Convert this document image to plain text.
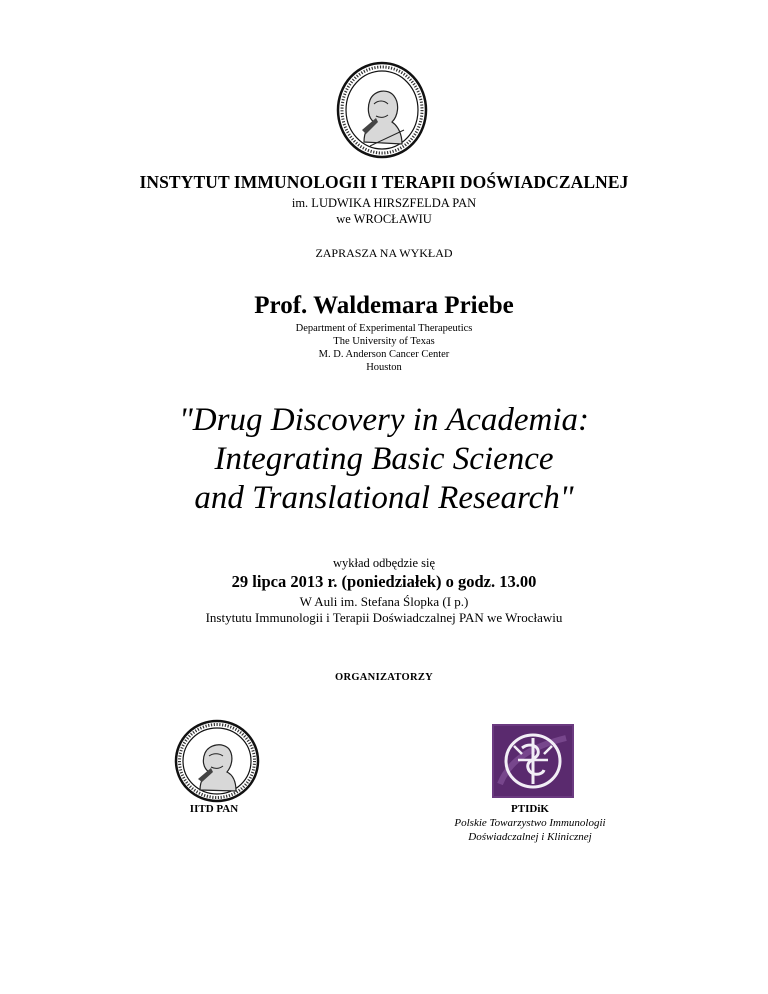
INSTYTUT IMMUNOLOGII I TERAPII DOŚWIADCZALNEJ
im. LUDWIKA HIRSZFELDA PAN
we WROCŁAWIU
ZAPRASZA NA WYKŁAD
Prof. Waldemara Priebe
Department of Experimental Therapeutics
The University of Texas
M. D. Anderson Cancer Center
Houston
"Drug Discovery in Academia:
Integrating Basic Science
and Translational Research"
wykład odbędzie się
29 lipca 2013 r. (poniedziałek) o godz. 13.00
W Auli im. Stefana Ślopka (I p.)
Instytutu Immunologii i Terapii Doświadczalnej PAN we Wrocławiu
ORGANIZATORZY
IITD PAN	PTIDiK
Polskie Towarzystwo Immunologii
Doświadczalnej i Klinicznej
